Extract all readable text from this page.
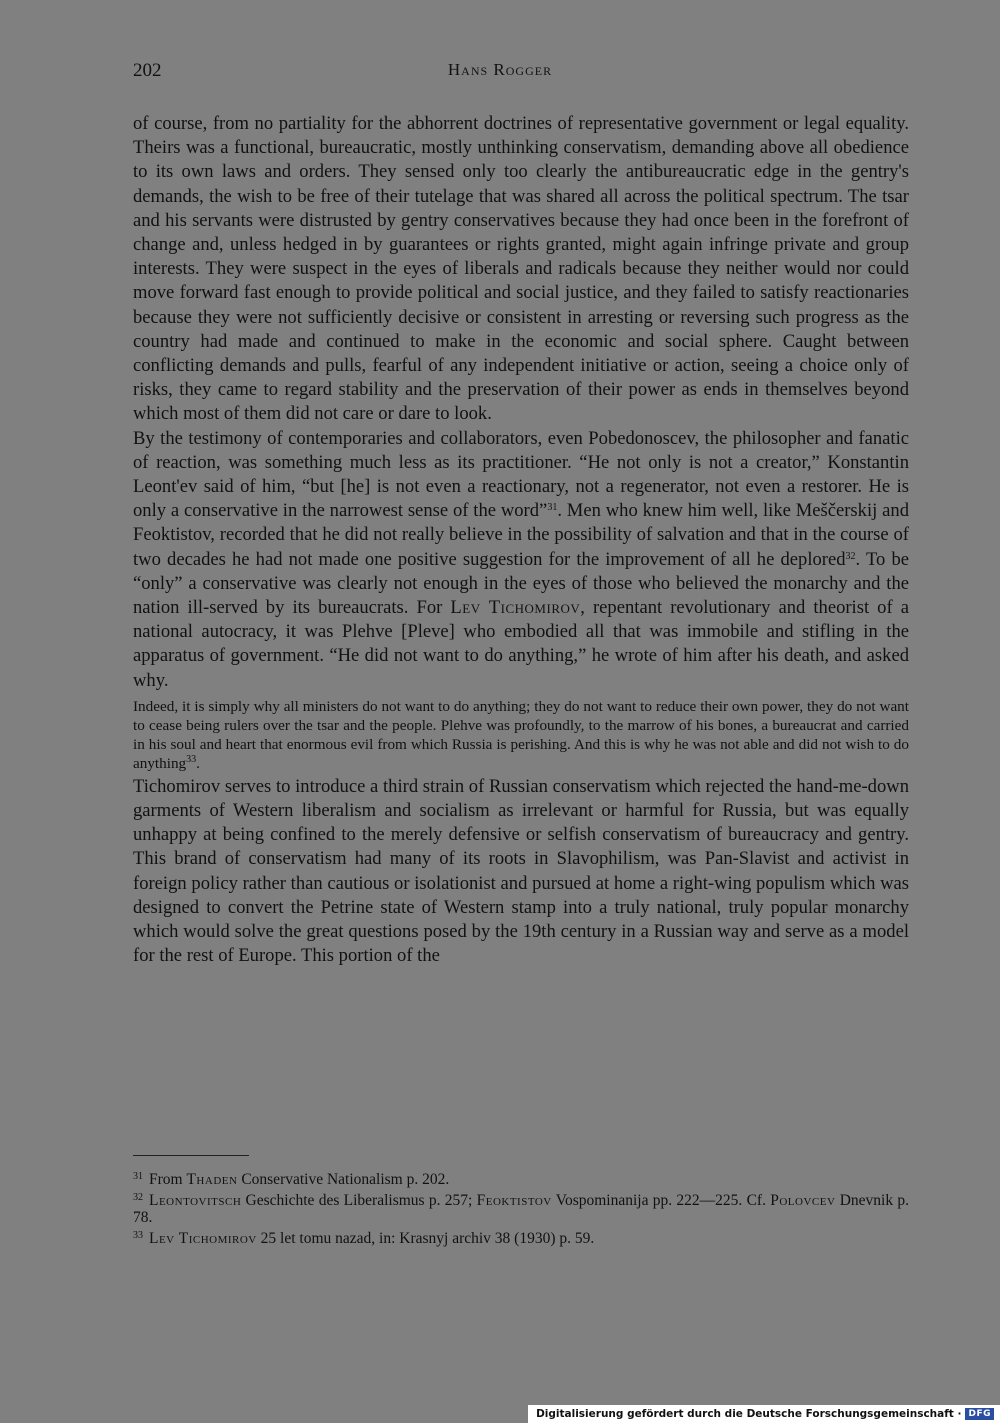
202	Hans Rogger

of course, from no partiality for the abhorrent doctrines of representative government or legal equality. Theirs was a functional, bureaucratic, mostly unthinking conservatism, demanding above all obedience to its own laws and orders. They sensed only too clearly the antibureaucratic edge in the gentry's demands, the wish to be free of their tutelage that was shared all across the political spectrum. The tsar and his servants were distrusted by gentry conservatives because they had once been in the forefront of change and, unless hedged in by guarantees or rights granted, might again infringe private and group interests. They were suspect in the eyes of liberals and radicals because they neither would nor could move forward fast enough to provide political and social justice, and they failed to satisfy reactionaries because they were not sufficiently decisive or consistent in arresting or reversing such progress as the country had made and continued to make in the economic and social sphere. Caught between conflicting demands and pulls, fearful of any independent initiative or action, seeing a choice only of risks, they came to regard stability and the preservation of their power as ends in themselves beyond which most of them did not care or dare to look.

By the testimony of contemporaries and collaborators, even Pobedonoscev, the philosopher and fanatic of reaction, was something much less as its practitioner. “He not only is not a creator,” Konstantin Leont'ev said of him, “but [he] is not even a reactionary, not a regenerator, not even a restorer. He is only a conservative in the narrowest sense of the word”$^{31}$. Men who knew him well, like Meščerskij and Feoktistov, recorded that he did not really believe in the possibility of salvation and that in the course of two decades he had not made one positive suggestion for the improvement of all he deplored$^{32}$. To be “only” a conservative was clearly not enough in the eyes of those who believed the monarchy and the nation ill-served by its bureaucrats. For Lev Tichomirov, repentant revolutionary and theorist of a national autocracy, it was Plehve [Pleve] who embodied all that was immobile and stifling in the apparatus of government. “He did not want to do anything,” he wrote of him after his death, and asked why.

Indeed, it is simply why all ministers do not want to do anything; they do not want to reduce their own power, they do not want to cease being rulers over the tsar and the people. Plehve was profoundly, to the marrow of his bones, a bureaucrat and carried in his soul and heart that enormous evil from which Russia is perishing. And this is why he was not able and did not wish to do anything$^{33}$.

Tichomirov serves to introduce a third strain of Russian conservatism which rejected the hand-me-down garments of Western liberalism and socialism as irrelevant or harmful for Russia, but was equally unhappy at being confined to the merely defensive or selfish conservatism of bureaucracy and gentry. This brand of conservatism had many of its roots in Slavophilism, was Pan-Slavist and activist in foreign policy rather than cautious or isolationist and pursued at home a right-wing populism which was designed to convert the Petrine state of Western stamp into a truly national, truly popular monarchy which would solve the great questions posed by the 19th century in a Russian way and serve as a model for the rest of Europe. This portion of the

$^{31}$ From Thaden Conservative Nationalism p. 202.

$^{32}$ Leontovitsch Geschichte des Liberalismus p. 257; Feoktistov Vospominanija pp. 222—225. Cf. Polovcev Dnevnik p. 78.

$^{33}$ Lev Tichomirov 25 let tomu nazad, in: Krasnyj archiv 38 (1930) p. 59.

Digitalisierung gefördert durch die Deutsche Forschungsgemeinschaft · DFG
